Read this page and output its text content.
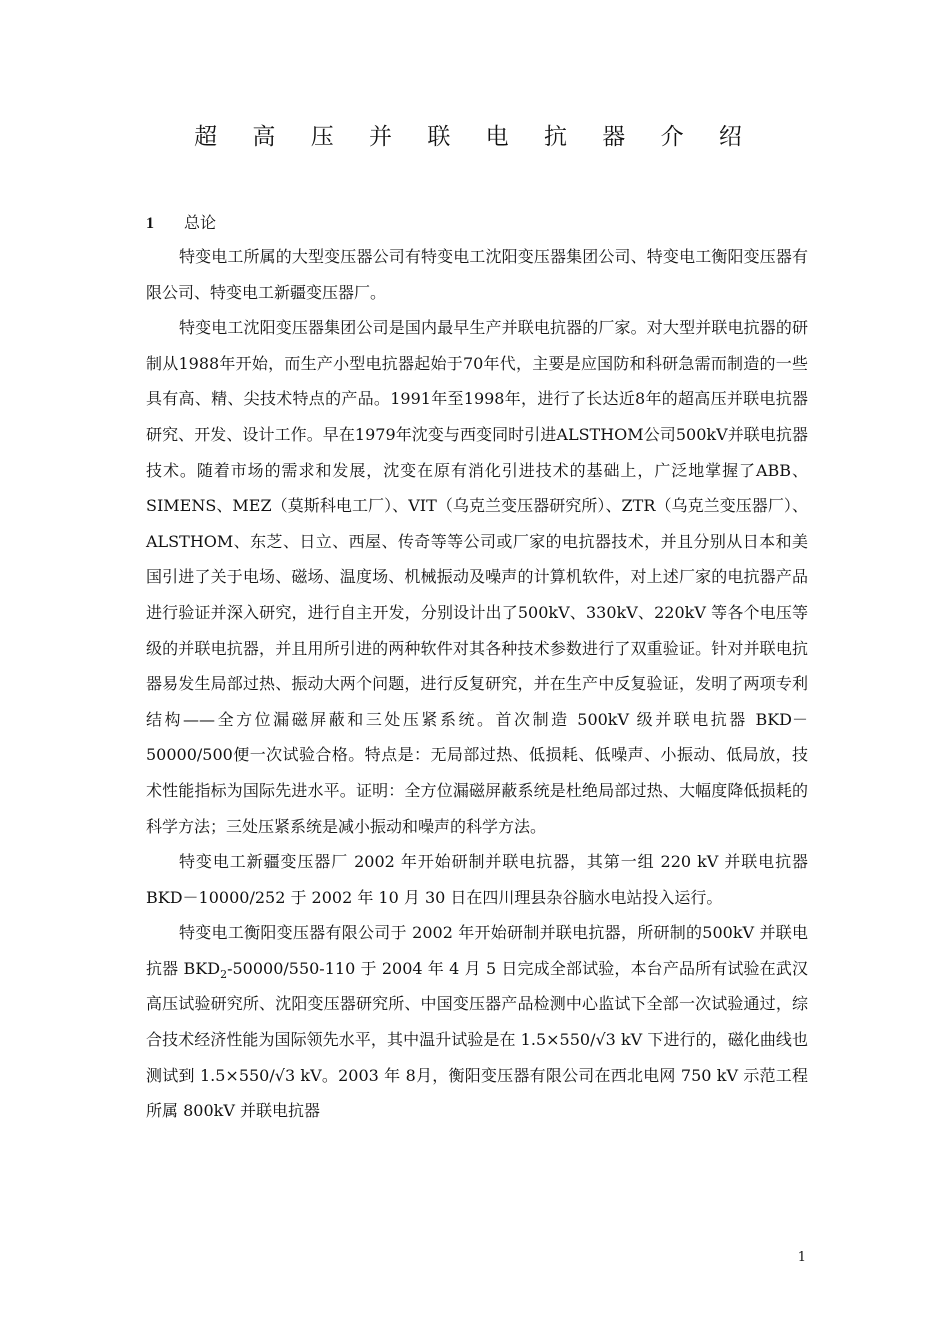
超 高 压 并 联 电 抗 器 介 绍
1 总论

特变电工所属的大型变压器公司有特变电工沈阳变压器集团公司、特变电工衡阳变压器有限公司、特变电工新疆变压器厂。

特变电工沈阳变压器集团公司是国内最早生产并联电抗器的厂家。对大型并联电抗器的研制从1988年开始，而生产小型电抗器起始于70年代，主要是应国防和科研急需而制造的一些具有高、精、尖技术特点的产品。1991年至1998年，进行了长达近8年的超高压并联电抗器研究、开发、设计工作。早在1979年沈变与西变同时引进ALSTHOM公司500kV并联电抗器技术。随着市场的需求和发展，沈变在原有消化引进技术的基础上，广泛地掌握了ABB、SIMENS、MEZ（莫斯科电工厂）、VIT（乌克兰变压器研究所）、ZTR（乌克兰变压器厂）、ALSTHOM、东芝、日立、西屋、传奇等等公司或厂家的电抗器技术，并且分别从日本和美国引进了关于电场、磁场、温度场、机械振动及噪声的计算机软件，对上述厂家的电抗器产品进行验证并深入研究，进行自主开发，分别设计出了500kV、330kV、220kV 等各个电压等级的并联电抗器，并且用所引进的两种软件对其各种技术参数进行了双重验证。针对并联电抗器易发生局部过热、振动大两个问题，进行反复研究，并在生产中反复验证，发明了两项专利结构——全方位漏磁屏蔽和三处压紧系统。首次制造 500kV 级并联电抗器 BKD－50000/500便一次试验合格。特点是：无局部过热、低损耗、低噪声、小振动、低局放，技术性能指标为国际先进水平。证明：全方位漏磁屏蔽系统是杜绝局部过热、大幅度降低损耗的科学方法；三处压紧系统是减小振动和噪声的科学方法。

特变电工新疆变压器厂 2002 年开始研制并联电抗器，其第一组 220 kV 并联电抗器 BKD－10000/252 于 2002 年 10 月 30 日在四川理县杂谷脑水电站投入运行。

特变电工衡阳变压器有限公司于 2002 年开始研制并联电抗器，所研制的500kV 并联电抗器 $BKD_2-50000/550-110$ 于 2004 年 4 月 5 日完成全部试验，本台产品所有试验在武汉高压试验研究所、沈阳变压器研究所、中国变压器产品检测中心监试下全部一次试验通过，综合技术经济性能为国际领先水平，其中温升试验是在 1.5×550/√3 kV 下进行的，磁化曲线也测试到 1.5×550/√3 kV。2003 年 8月，衡阳变压器有限公司在西北电网 750 kV 示范工程所属 800kV 并联电抗器

1
